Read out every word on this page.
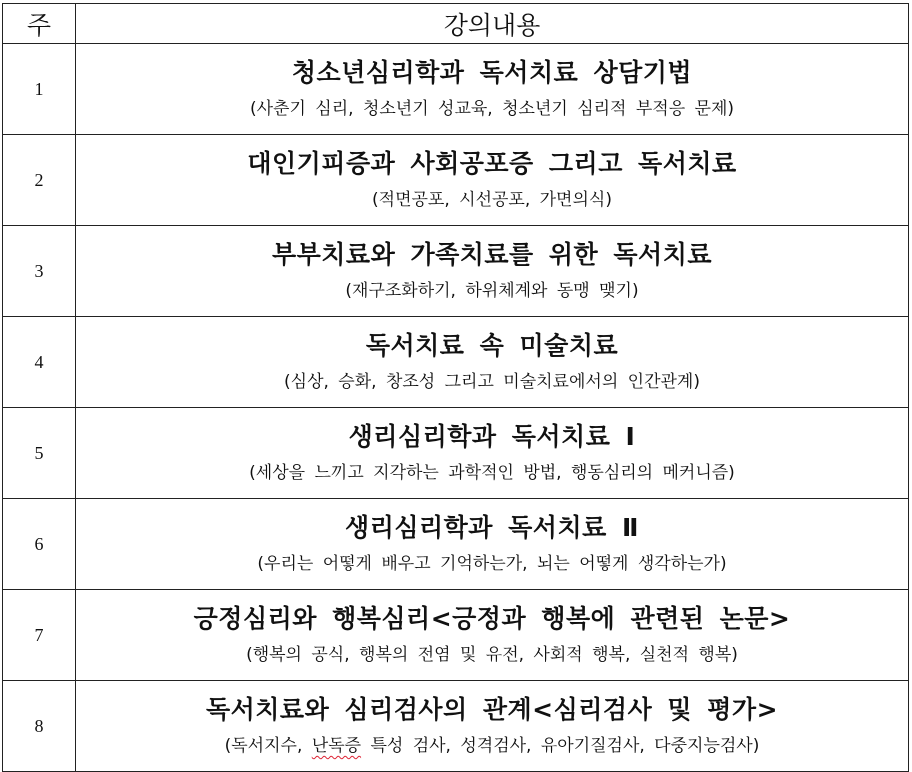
주	강의내용
1	청소년심리학과 독서치료 상담기법
(사춘기 심리, 청소년기 성교육, 청소년기 심리적 부적응 문제)

2	대인기피증과 사회공포증 그리고 독서치료
(적면공포, 시선공포, 가면의식)

3	부부치료와 가족치료를 위한 독서치료
(재구조화하기, 하위체계와 동맹 맺기)

4	독서치료 속 미술치료
(심상, 승화, 창조성 그리고 미술치료에서의 인간관계)

5	생리심리학과 독서치료 Ⅰ
(세상을 느끼고 지각하는 과학적인 방법, 행동심리의 메커니즘)

6	생리심리학과 독서치료 Ⅱ
(우리는 어떻게 배우고 기억하는가, 뇌는 어떻게 생각하는가)

7	긍정심리와 행복심리<긍정과 행복에 관련된 논문>
(행복의 공식, 행복의 전염 및 유전, 사회적 행복, 실천적 행복)

8	독서치료와 심리검사의 관계<심리검사 및 평가>
(독서지수, 난독증 특성 검사, 성격검사, 유아기질검사, 다중지능검사)
